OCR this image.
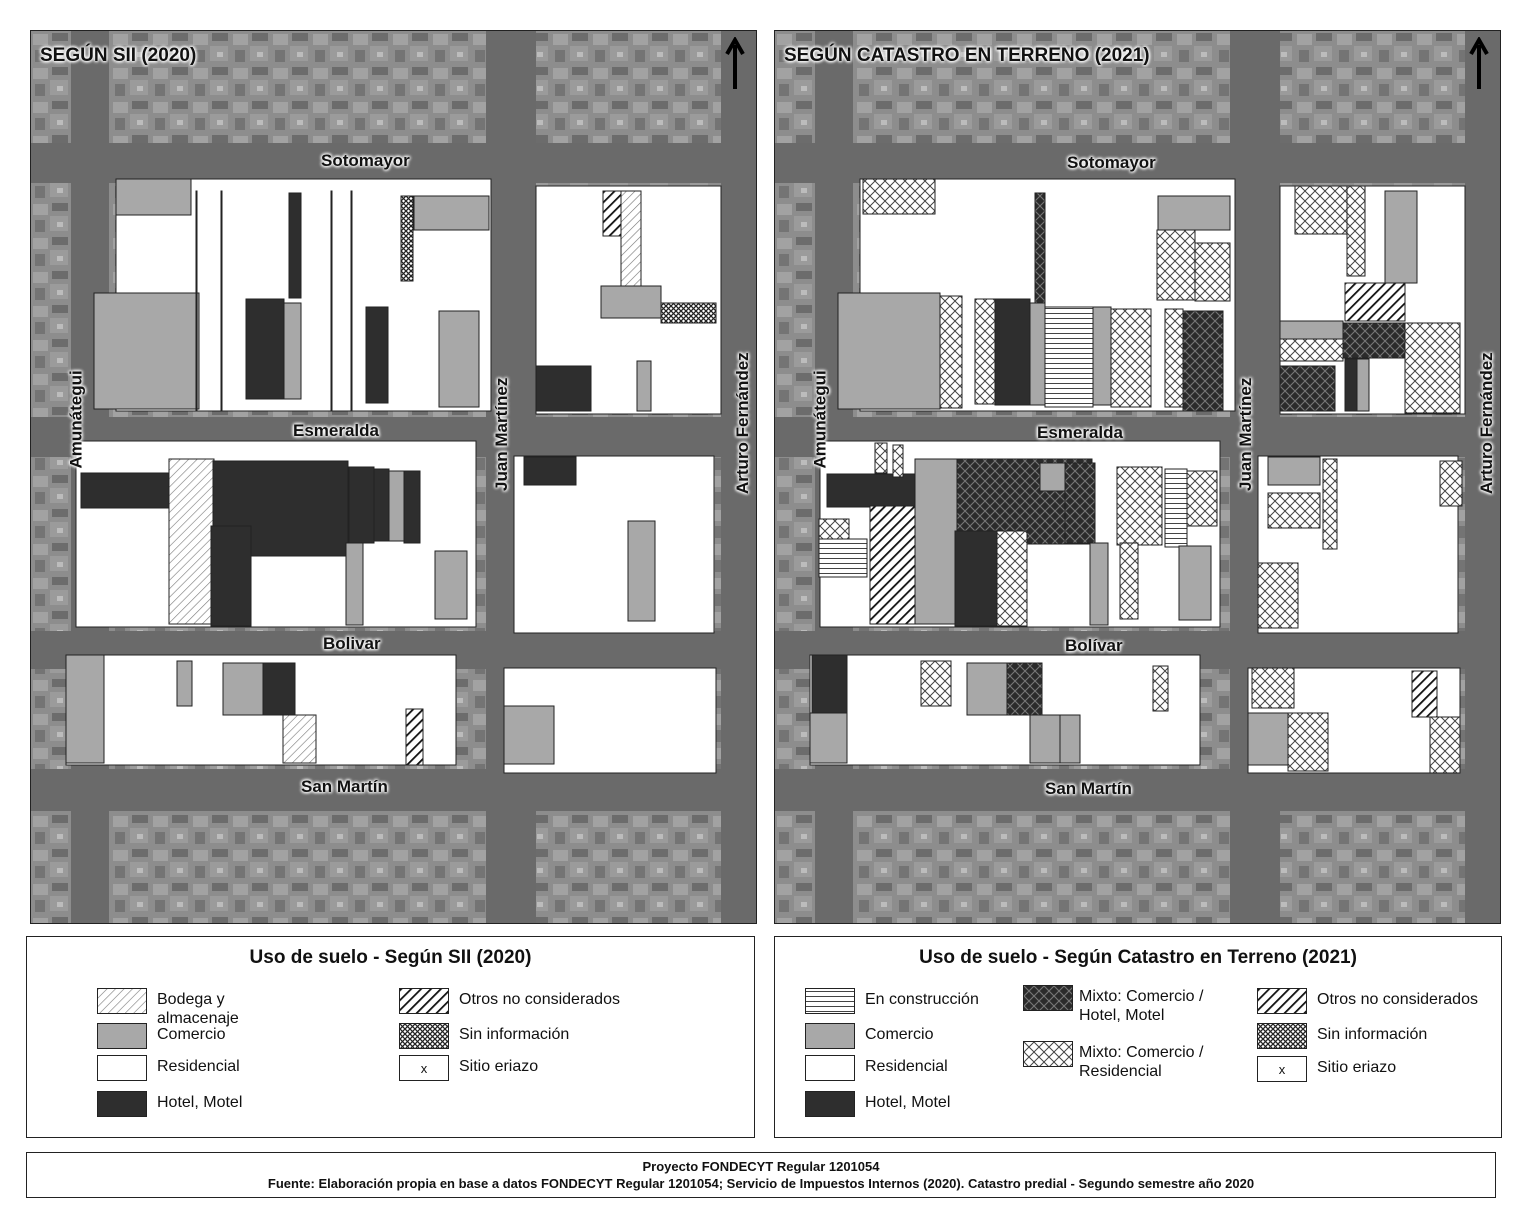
SEGÚN SII (2020)
Sotomayor
Esmeralda
Bolivar
San Martín
Amunátegui	Juan Martínez	Arturo Fernández
SEGÚN CATASTRO EN TERRENO (2021)
Sotomayor
Esmeralda
Bolívar
San Martín
Amunátegui	Juan Martínez	Arturo Fernández
Uso de suelo - Según SII (2020)
Bodega y almacenaje
Comercio
Residencial
Hotel, Motel
Otros no considerados
Sin información
x	Sitio eriazo
Uso de suelo - Según Catastro en Terreno (2021)
En construcción
Comercio
Residencial
Hotel, Motel
Mixto: Comercio / Hotel, Motel
Mixto: Comercio / Residencial
Otros no considerados
Sin información
x	Sitio eriazo
Proyecto FONDECYT Regular 1201054
Fuente: Elaboración propia en base a datos FONDECYT Regular 1201054; Servicio de Impuestos Internos (2020). Catastro predial - Segundo semestre año 2020
